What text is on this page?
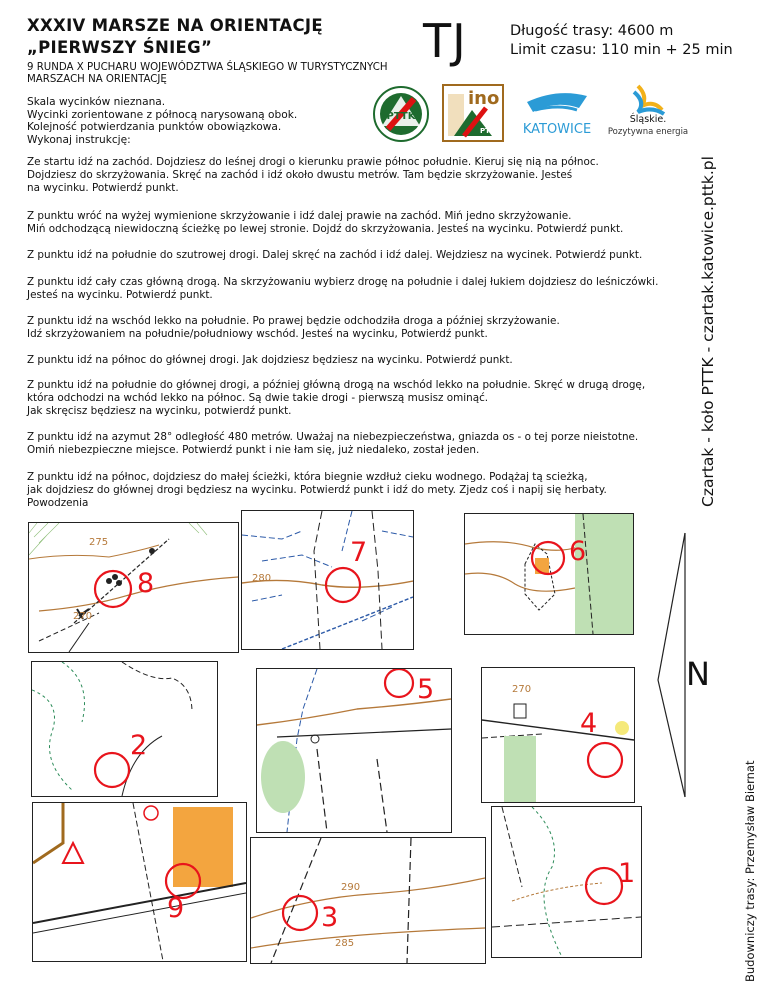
XXXIV MARSZE NA ORIENTACJĘ
„PIERWSZY ŚNIEG”
9 RUNDA X PUCHARU WOJEWÓDZTWA ŚLĄSKIEGO W TURYSTYCZNYCH MARSZACH NA ORIENTACJĘ
TJ	Długość trasy: 4600 m
Limit czasu: 110 min + 25 min
PTTK
ino
PTTK KATOWICE
Śląskie.
Pozytywna energia
Skala wycinków nieznana.
Wycinki zorientowane z północą narysowaną obok.
Kolejność potwierdzania punktów obowiązkowa.
Wykonaj instrukcję:
Ze startu idź na zachód. Dojdziesz do leśnej drogi o kierunku prawie północ południe. Kieruj się nią na północ.
Dojdziesz do skrzyżowania. Skręć na zachód i idź około dwustu metrów. Tam będzie skrzyżowanie. Jesteś
na wycinku. Potwierdź punkt.
Z punktu wróć na wyżej wymienione skrzyżowanie i idź dalej prawie na zachód. Miń jedno skrzyżowanie.
Miń odchodzącą niewidoczną ścieżkę po lewej stronie. Dojdź do skrzyżowania. Jesteś na wycinku. Potwierdź punkt.
Z punktu idź na południe do szutrowej drogi. Dalej skręć na zachód i idź dalej. Wejdziesz na wycinek. Potwierdź punkt.
Z punktu idź cały czas główną drogą. Na skrzyżowaniu wybierz drogę na południe i dalej łukiem dojdziesz do leśniczówki.
Jesteś na wycinku. Potwierdź punkt.
Z punktu idź na wschód lekko na południe. Po prawej będzie odchodziła droga a później skrzyżowanie.
Idź skrzyżowaniem na południe/południowy wschód. Jesteś na wycinku, Potwierdź punkt.
Z punktu idź na północ do głównej drogi. Jak dojdziesz będziesz na wycinku. Potwierdź punkt.
Z punktu idź na południe do głównej drogi, a później główną drogą na wschód lekko na południe. Skręć w drugą drogę,
która odchodzi na wchód lekko na północ. Są dwie takie drogi - pierwszą musisz ominąć.
Jak skręcisz będziesz na wycinku, potwierdź punkt.
Z punktu idź na azymut 28° odległość 480 metrów. Uważaj na niebezpieczeństwa, gniazda os - o tej porze nieistotne.
Omiń niebezpieczne miejsce. Potwierdź punkt i nie łam się, już niedaleko, został jeden.
Z punktu idź na północ, dojdziesz do małej ścieżki, która biegnie wzdłuż cieku wodnego. Podążaj tą scieżką,
jak dojdziesz do głównej drogi będziesz na wycinku. Potwierdź punkt i idź do mety. Zjedz coś i napij się herbaty.
Powodzenia	Czartak - koło PTTK - czartak.katowice.pttk.pl
Budowniczy trasy: Przemysław Biernat
N
275
270
8	280
7	6
5	270
4
2
9
290
285
3
1
